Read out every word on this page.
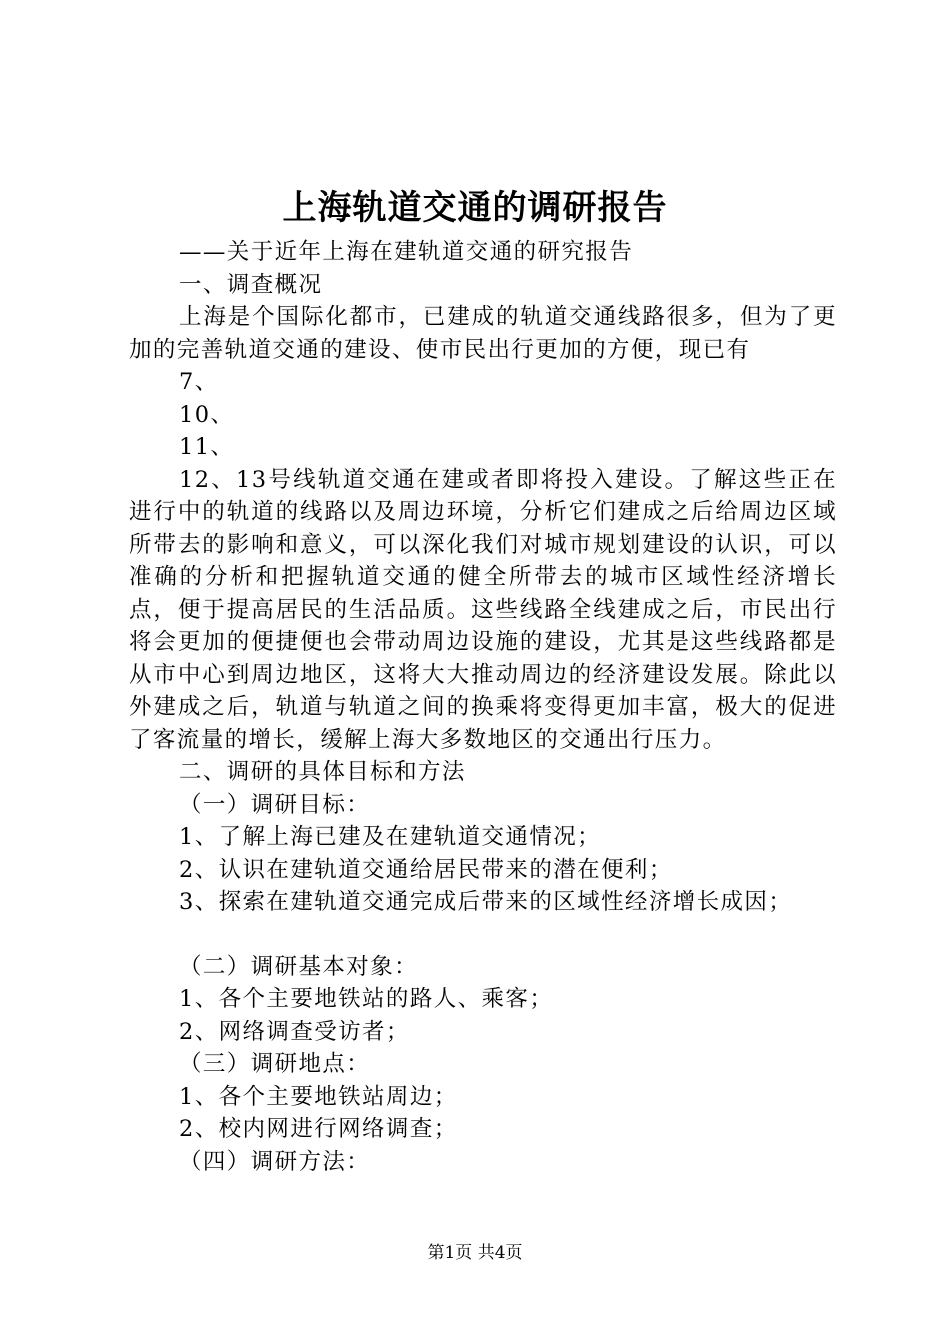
上海轨道交通的调研报告

——关于近年上海在建轨道交通的研究报告

一、调查概况

上海是个国际化都市，已建成的轨道交通线路很多，但为了更加的完善轨道交通的建设、使市民出行更加的方便，现已有

7、

10、

11、

12、13号线轨道交通在建或者即将投入建设。了解这些正在进行中的轨道的线路以及周边环境，分析它们建成之后给周边区域所带去的影响和意义，可以深化我们对城市规划建设的认识，可以准确的分析和把握轨道交通的健全所带去的城市区域性经济增长点，便于提高居民的生活品质。这些线路全线建成之后，市民出行将会更加的便捷便也会带动周边设施的建设，尤其是这些线路都是从市中心到周边地区，这将大大推动周边的经济建设发展。除此以外建成之后，轨道与轨道之间的换乘将变得更加丰富，极大的促进了客流量的增长，缓解上海大多数地区的交通出行压力。

二、调研的具体目标和方法

（一）调研目标：

1、了解上海已建及在建轨道交通情况；

2、认识在建轨道交通给居民带来的潜在便利；

3、探索在建轨道交通完成后带来的区域性经济增长成因；

（二）调研基本对象：

1、各个主要地铁站的路人、乘客；

2、网络调查受访者；

（三）调研地点：

1、各个主要地铁站周边；

2、校内网进行网络调查；

（四）调研方法：

第1页 共4页
